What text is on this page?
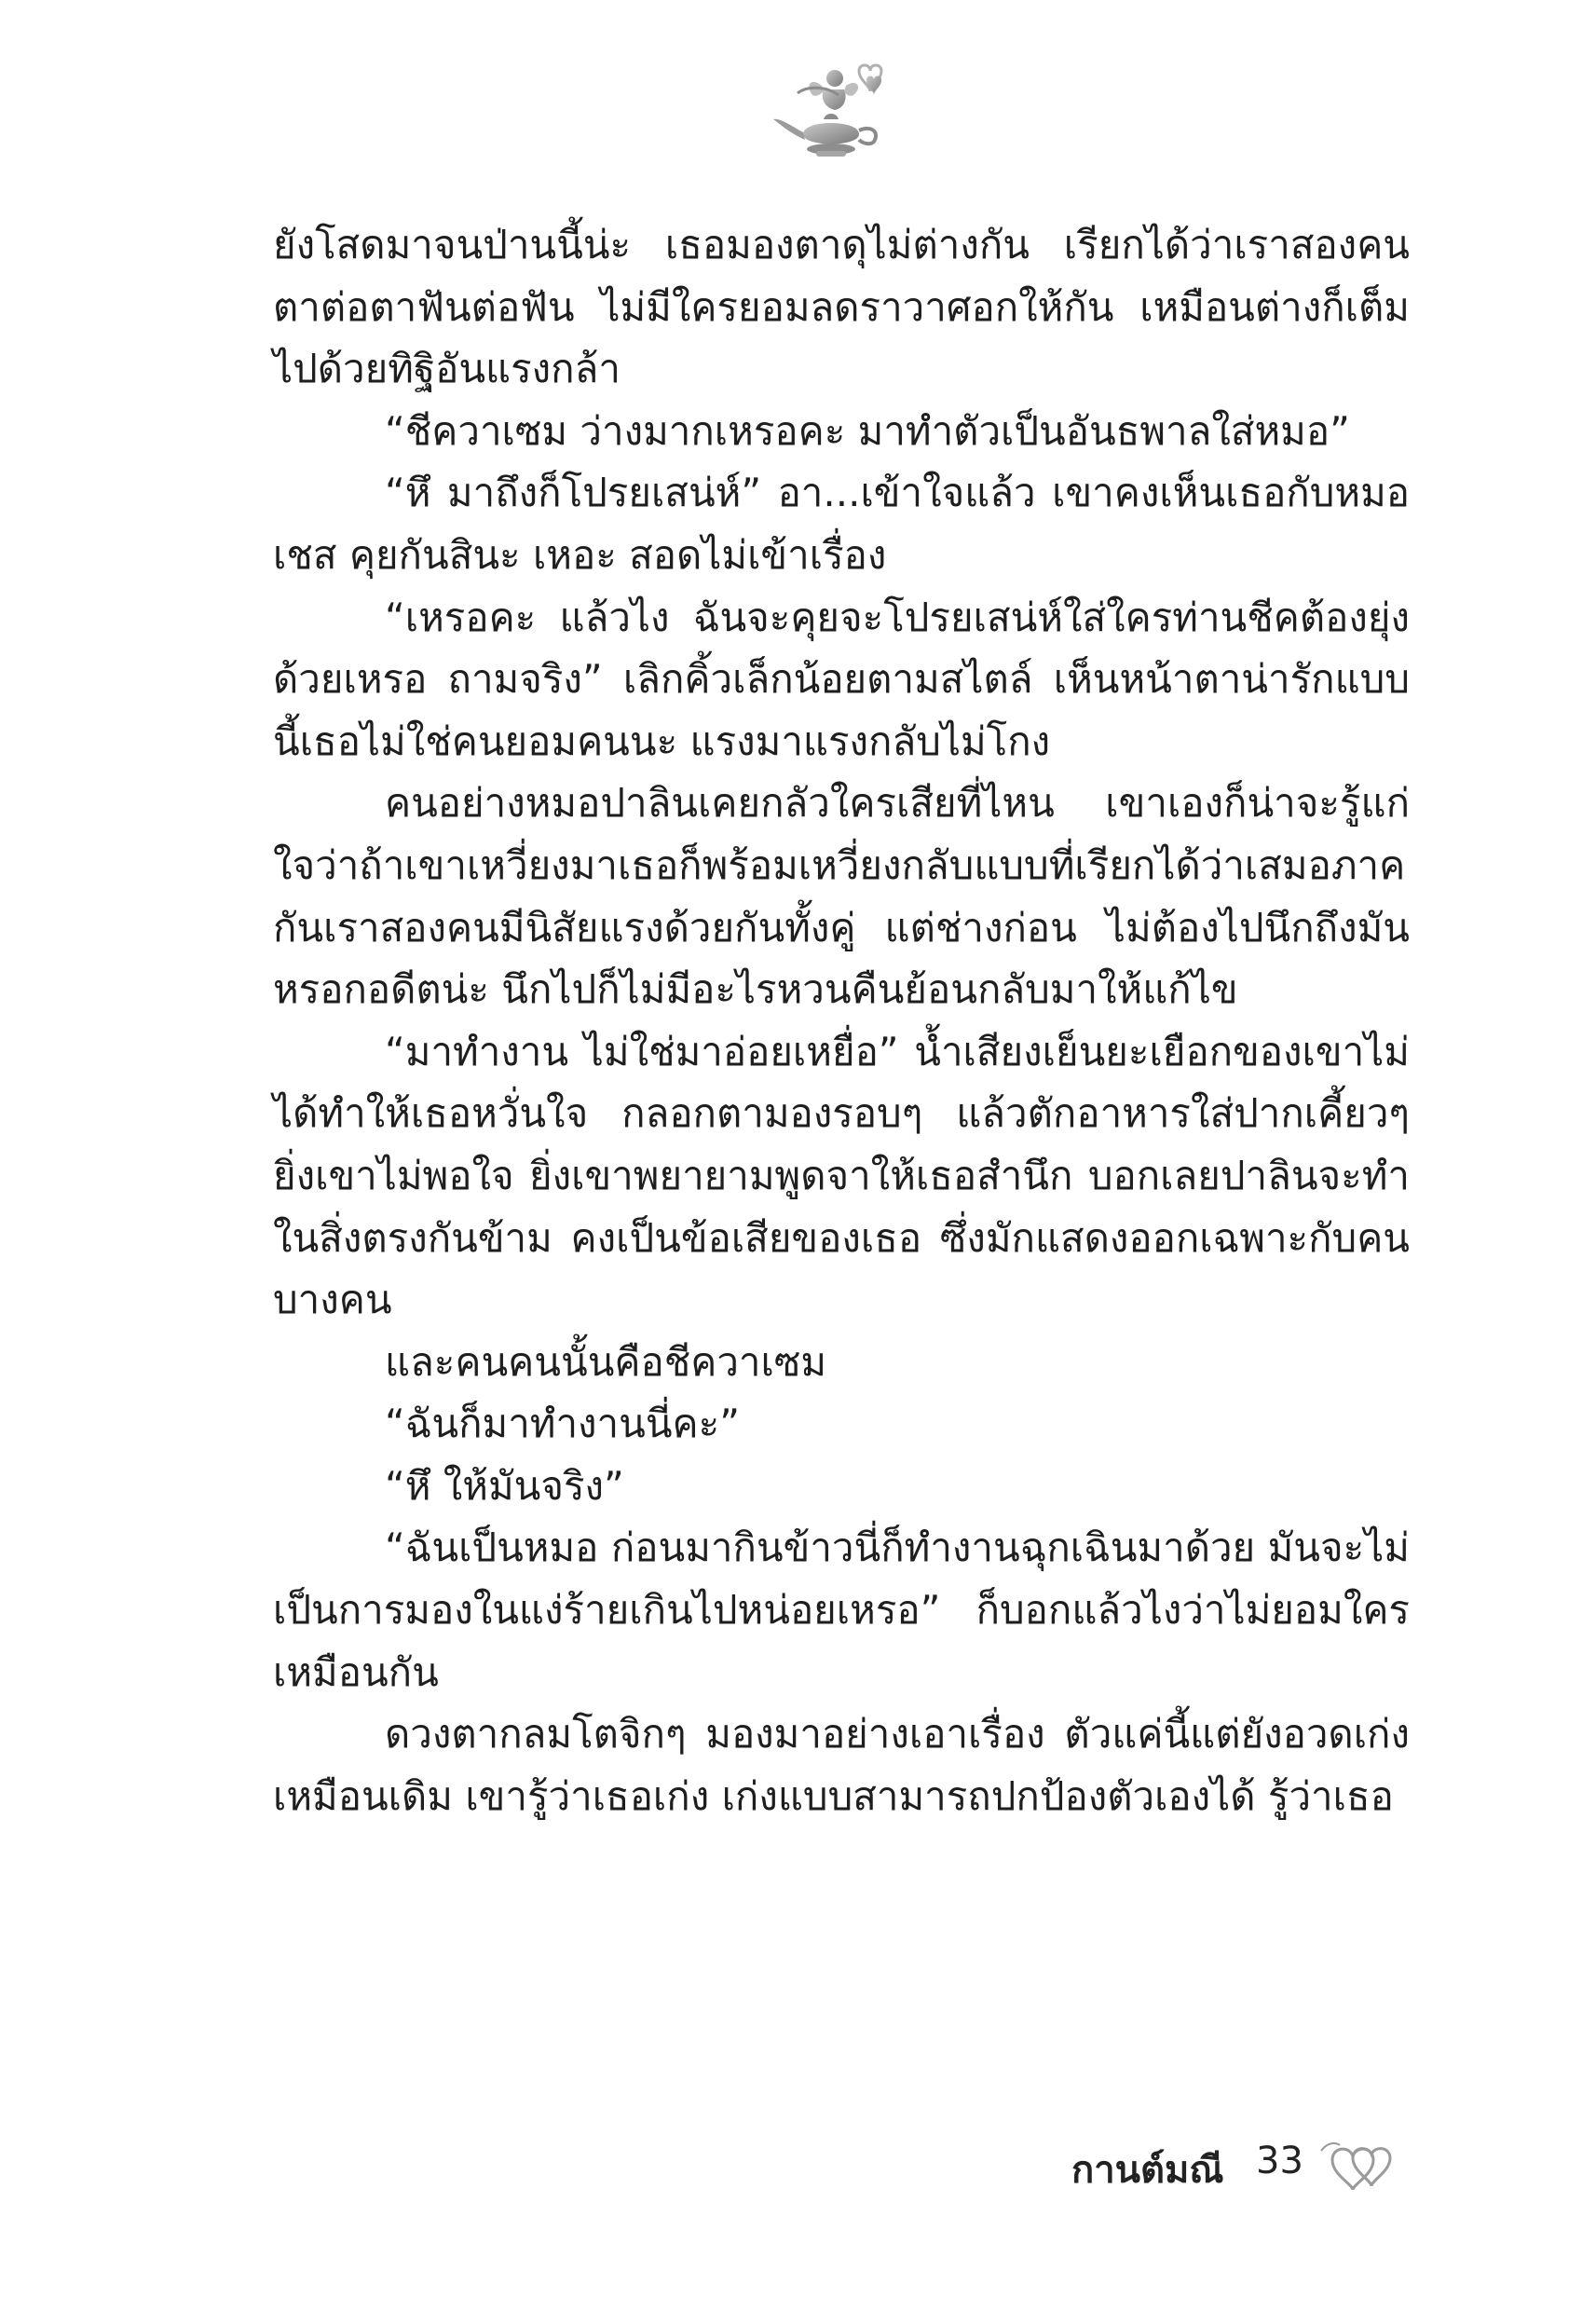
ยังโสดมาจนป่านนี้น่ะ เธอมองตาดุไม่ต่างกัน เรียกได้ว่าเราสองคน ตาต่อตาฟันต่อฟัน ไม่มีใครยอมลดราวาศอกให้กัน เหมือนต่างก็เต็มไปด้วยทิฐิอันแรงกล้า

“ชีควาเซม ว่างมากเหรอคะ มาทำตัวเป็นอันธพาลใส่หมอ”

“หึ มาถึงก็โปรยเสน่ห์” อา...เข้าใจแล้ว เขาคงเห็นเธอกับหมอเชส คุยกันสินะ เหอะ สอดไม่เข้าเรื่อง

“เหรอคะ แล้วไง ฉันจะคุยจะโปรยเสน่ห์ใส่ใครท่านชีคต้องยุ่งด้วยเหรอ ถามจริง” เลิกคิ้วเล็กน้อยตามสไตล์ เห็นหน้าตาน่ารักแบบนี้เธอไม่ใช่คนยอมคนนะ แรงมาแรงกลับไม่โกง

คนอย่างหมอปาลินเคยกลัวใครเสียที่ไหน เขาเองก็น่าจะรู้แก่ใจว่าถ้าเขาเหวี่ยงมาเธอก็พร้อมเหวี่ยงกลับแบบที่เรียกได้ว่าเสมอภาคกันเราสองคนมีนิสัยแรงด้วยกันทั้งคู่ แต่ช่างก่อน ไม่ต้องไปนึกถึงมันหรอกอดีตน่ะ นึกไปก็ไม่มีอะไรหวนคืนย้อนกลับมาให้แก้ไข

“มาทำงาน ไม่ใช่มาอ่อยเหยื่อ” น้ำเสียงเย็นยะเยือกของเขาไม่ได้ทำให้เธอหวั่นใจ กลอกตามองรอบๆ แล้วตักอาหารใส่ปากเคี้ยวๆ ยิ่งเขาไม่พอใจ ยิ่งเขาพยายามพูดจาให้เธอสำนึก บอกเลยปาลินจะทำในสิ่งตรงกันข้าม คงเป็นข้อเสียของเธอ ซึ่งมักแสดงออกเฉพาะกับคนบางคน

และคนคนนั้นคือชีควาเซม

“ฉันก็มาทำงานนี่คะ”

“หึ ให้มันจริง”

“ฉันเป็นหมอ ก่อนมากินข้าวนี่ก็ทำงานฉุกเฉินมาด้วย มันจะไม่เป็นการมองในแง่ร้ายเกินไปหน่อยเหรอ” ก็บอกแล้วไงว่าไม่ยอมใครเหมือนกัน

ดวงตากลมโตจิกๆ มองมาอย่างเอาเรื่อง ตัวแค่นี้แต่ยังอวดเก่งเหมือนเดิม เขารู้ว่าเธอเก่ง เก่งแบบสามารถปกป้องตัวเองได้ รู้ว่าเธอ

กานต์มณี 33
